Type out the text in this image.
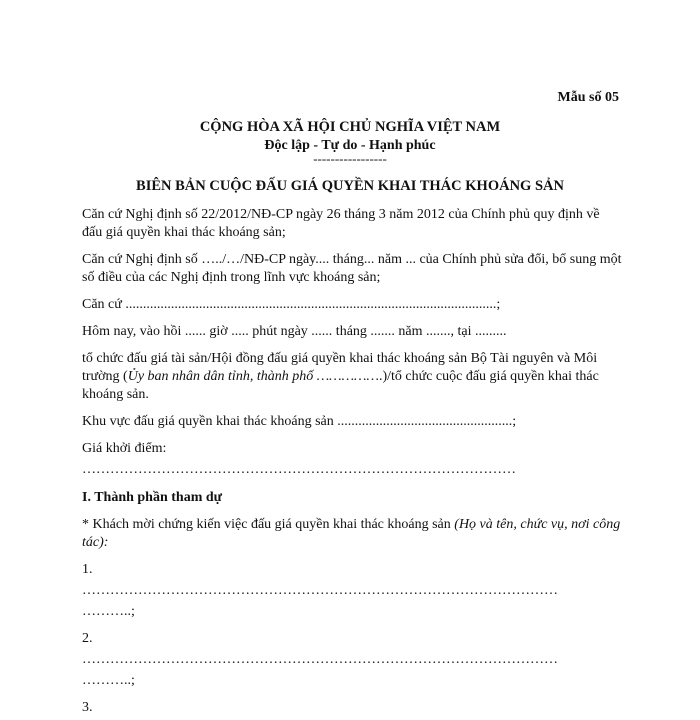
Mẫu số 05

CỘNG HÒA XÃ HỘI CHỦ NGHĨA VIỆT NAM

Độc lập - Tự do - Hạnh phúc

-----------------

BIÊN BẢN CUỘC ĐẤU GIÁ QUYỀN KHAI THÁC KHOÁNG SẢN

Căn cứ Nghị định số 22/2012/NĐ-CP ngày 26 tháng 3 năm 2012 của Chính phủ quy định về đấu giá quyền khai thác khoáng sản;

Căn cứ Nghị định số …../…/NĐ-CP ngày.... tháng... năm ... của Chính phủ sửa đổi, bổ sung một số điều của các Nghị định trong lĩnh vực khoáng sản;

Căn cứ ..........................................................................................................;

Hôm nay, vào hồi ...... giờ ..... phút ngày ...... tháng ....... năm ......., tại .........

tổ chức đấu giá tài sản/Hội đồng đấu giá quyền khai thác khoáng sản Bộ Tài nguyên và Môi trường (Ủy ban nhân dân tỉnh, thành phố …………….)/tổ chức cuộc đấu giá quyền khai thác khoáng sản.

Khu vực đấu giá quyền khai thác khoáng sản ..................................................;

Giá khởi điểm:

…………………………………………………………………………………

I. Thành phần tham dự

* Khách mời chứng kiến việc đấu giá quyền khai thác khoáng sản (Họ và tên, chức vụ, nơi công tác):

1.

…………………………………………………………………………………………

………..;

2.

…………………………………………………………………………………………

………..;

3.
